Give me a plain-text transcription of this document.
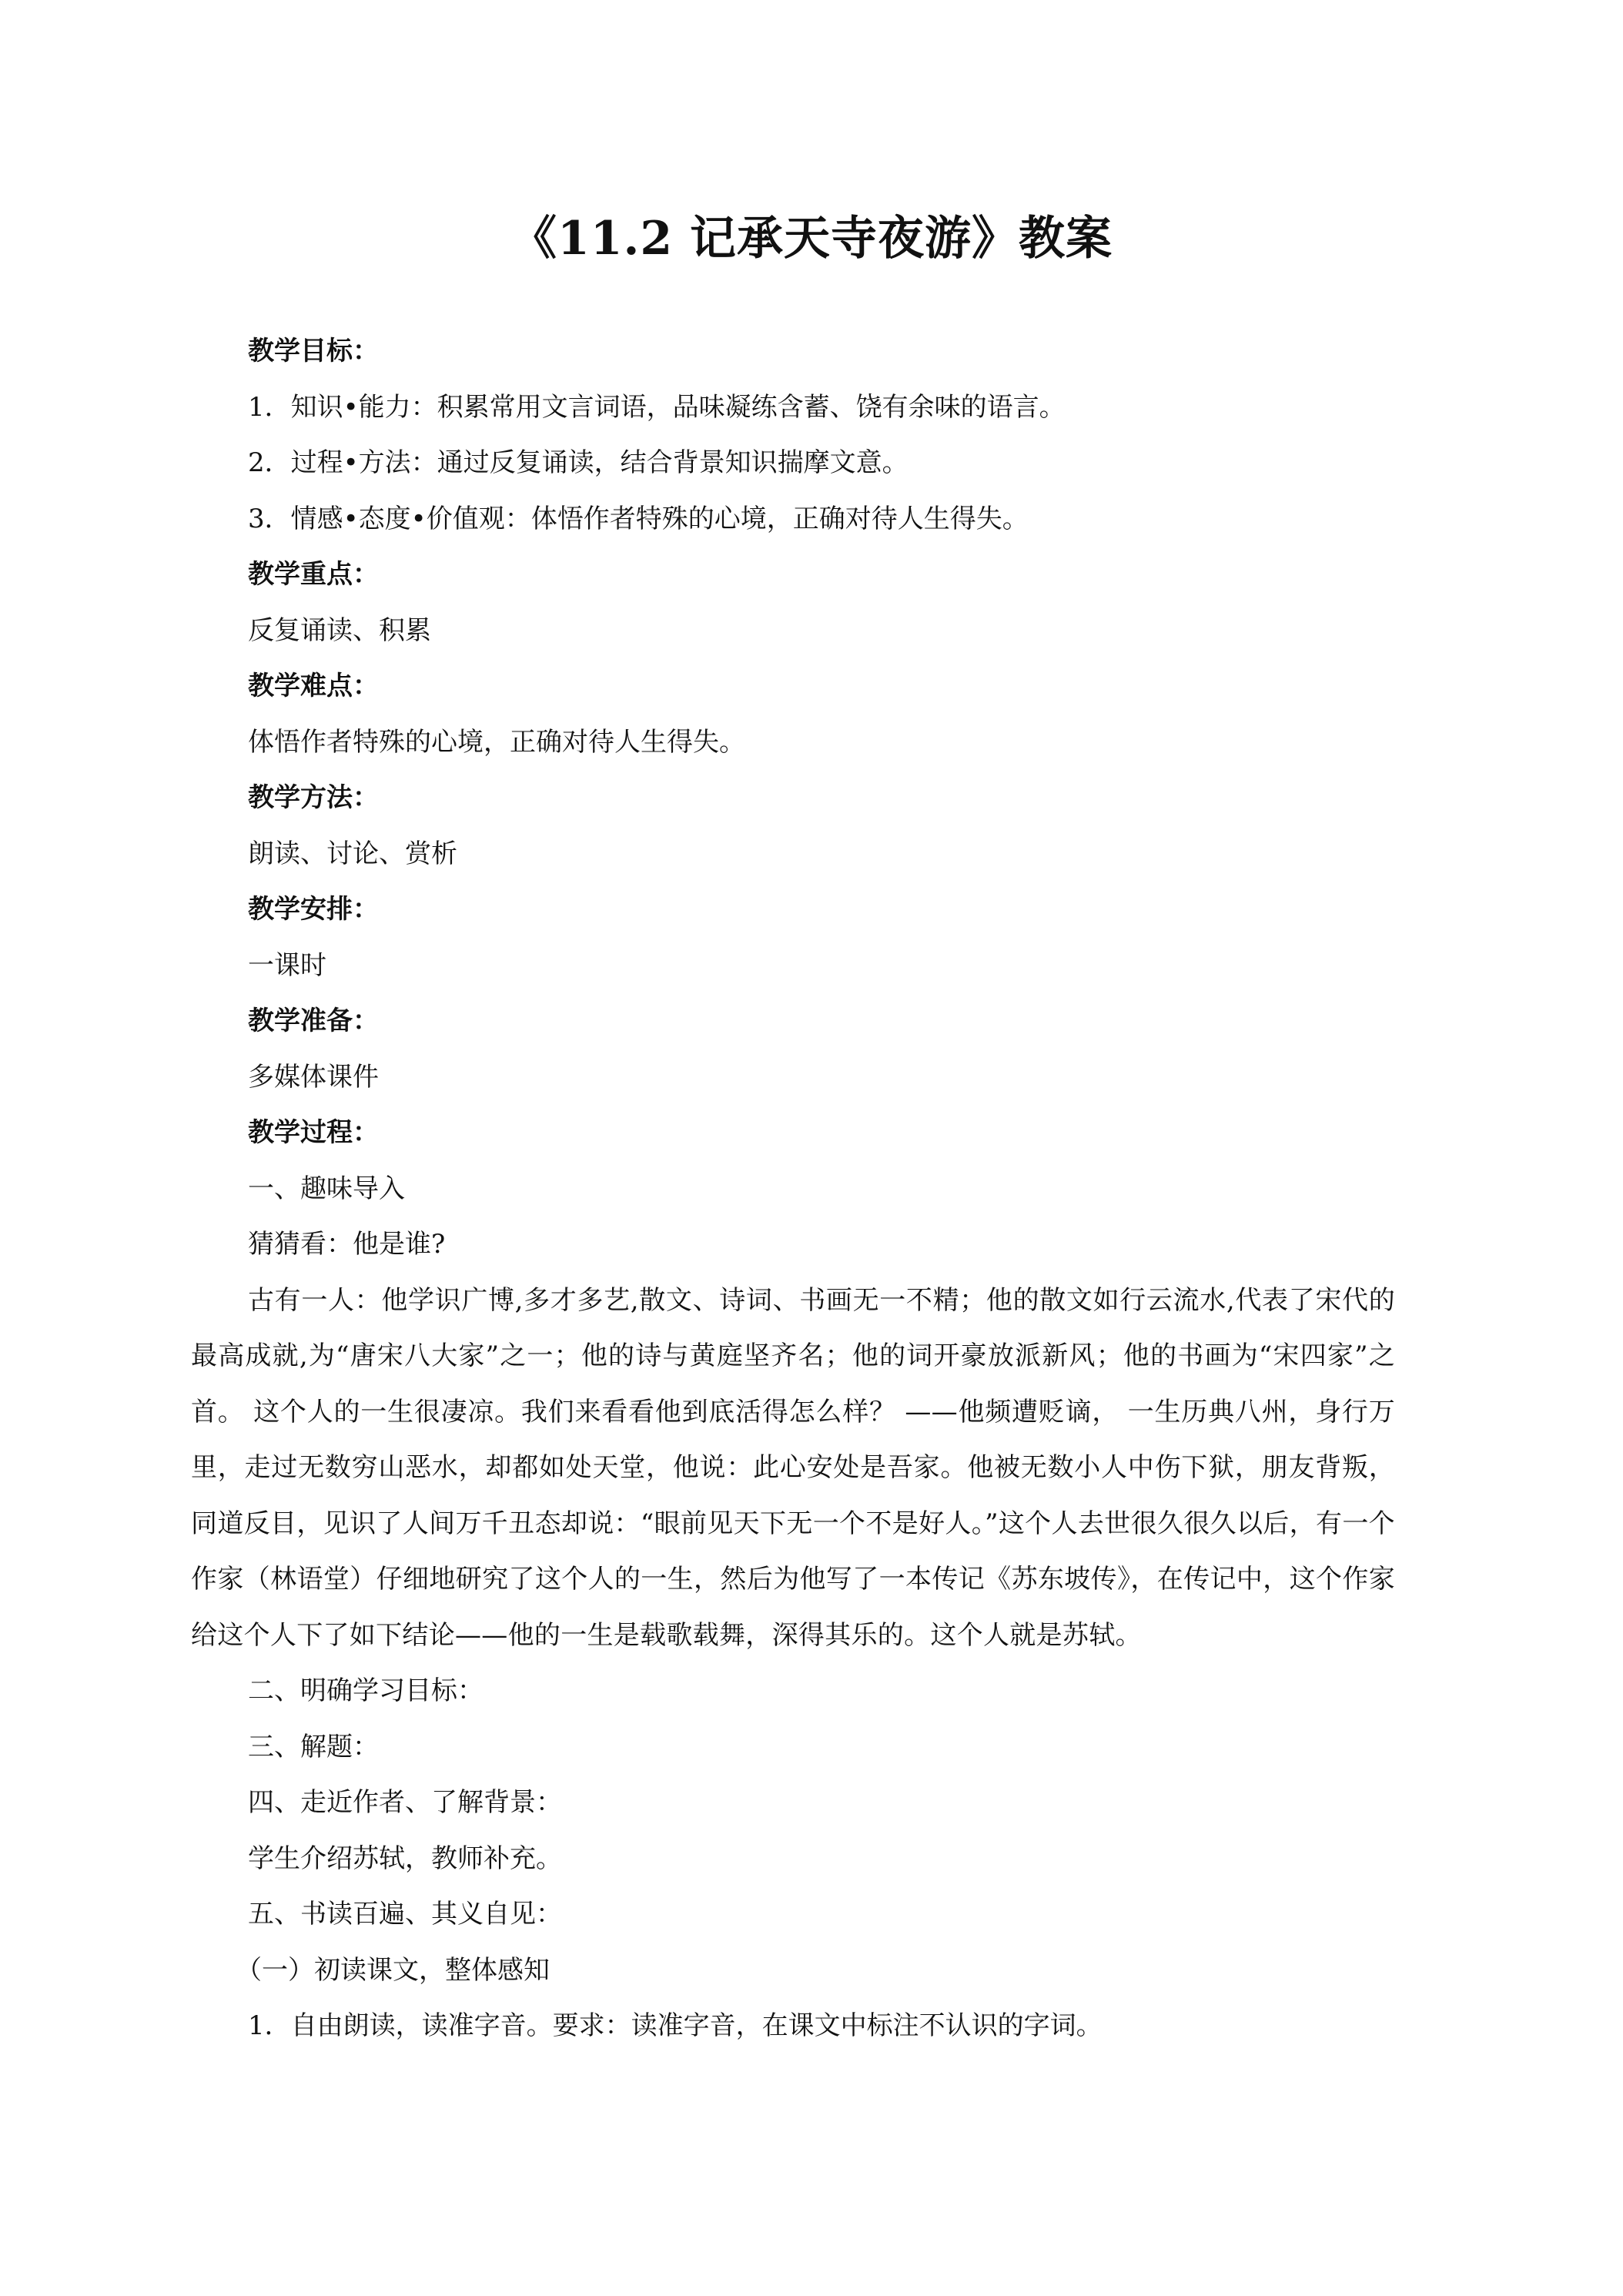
《11.2 记承天寺夜游》教案

教学目标：

1．知识•能力：积累常用文言词语，品味凝练含蓄、饶有余味的语言。

2．过程•方法：通过反复诵读，结合背景知识揣摩文意。

3．情感•态度•价值观：体悟作者特殊的心境，正确对待人生得失。

教学重点：

反复诵读、积累

教学难点：

体悟作者特殊的心境，正确对待人生得失。

教学方法：

朗读、讨论、赏析

教学安排：

一课时

教学准备：

多媒体课件

教学过程：

一、趣味导入

猜猜看：他是谁?

古有一人：他学识广博,多才多艺,散文、诗词、书画无一不精；他的散文如行云流水,代表了宋代的最高成就,为“唐宋八大家”之一；他的诗与黄庭坚齐名；他的词开豪放派新风；他的书画为“宋四家”之首。 这个人的一生很凄凉。我们来看看他到底活得怎么样？ ——他频遭贬谪， 一生历典八州，身行万里，走过无数穷山恶水，却都如处天堂，他说：此心安处是吾家。他被无数小人中伤下狱，朋友背叛，同道反目，见识了人间万千丑态却说：“眼前见天下无一个不是好人。”这个人去世很久很久以后，有一个作家（林语堂）仔细地研究了这个人的一生，然后为他写了一本传记《苏东坡传》，在传记中，这个作家给这个人下了如下结论——他的一生是载歌载舞，深得其乐的。这个人就是苏轼。

二、明确学习目标：

三、解题：

四、走近作者、了解背景：

学生介绍苏轼，教师补充。

五、书读百遍、其义自见：

（一）初读课文，整体感知

1．自由朗读，读准字音。要求：读准字音，在课文中标注不认识的字词。
